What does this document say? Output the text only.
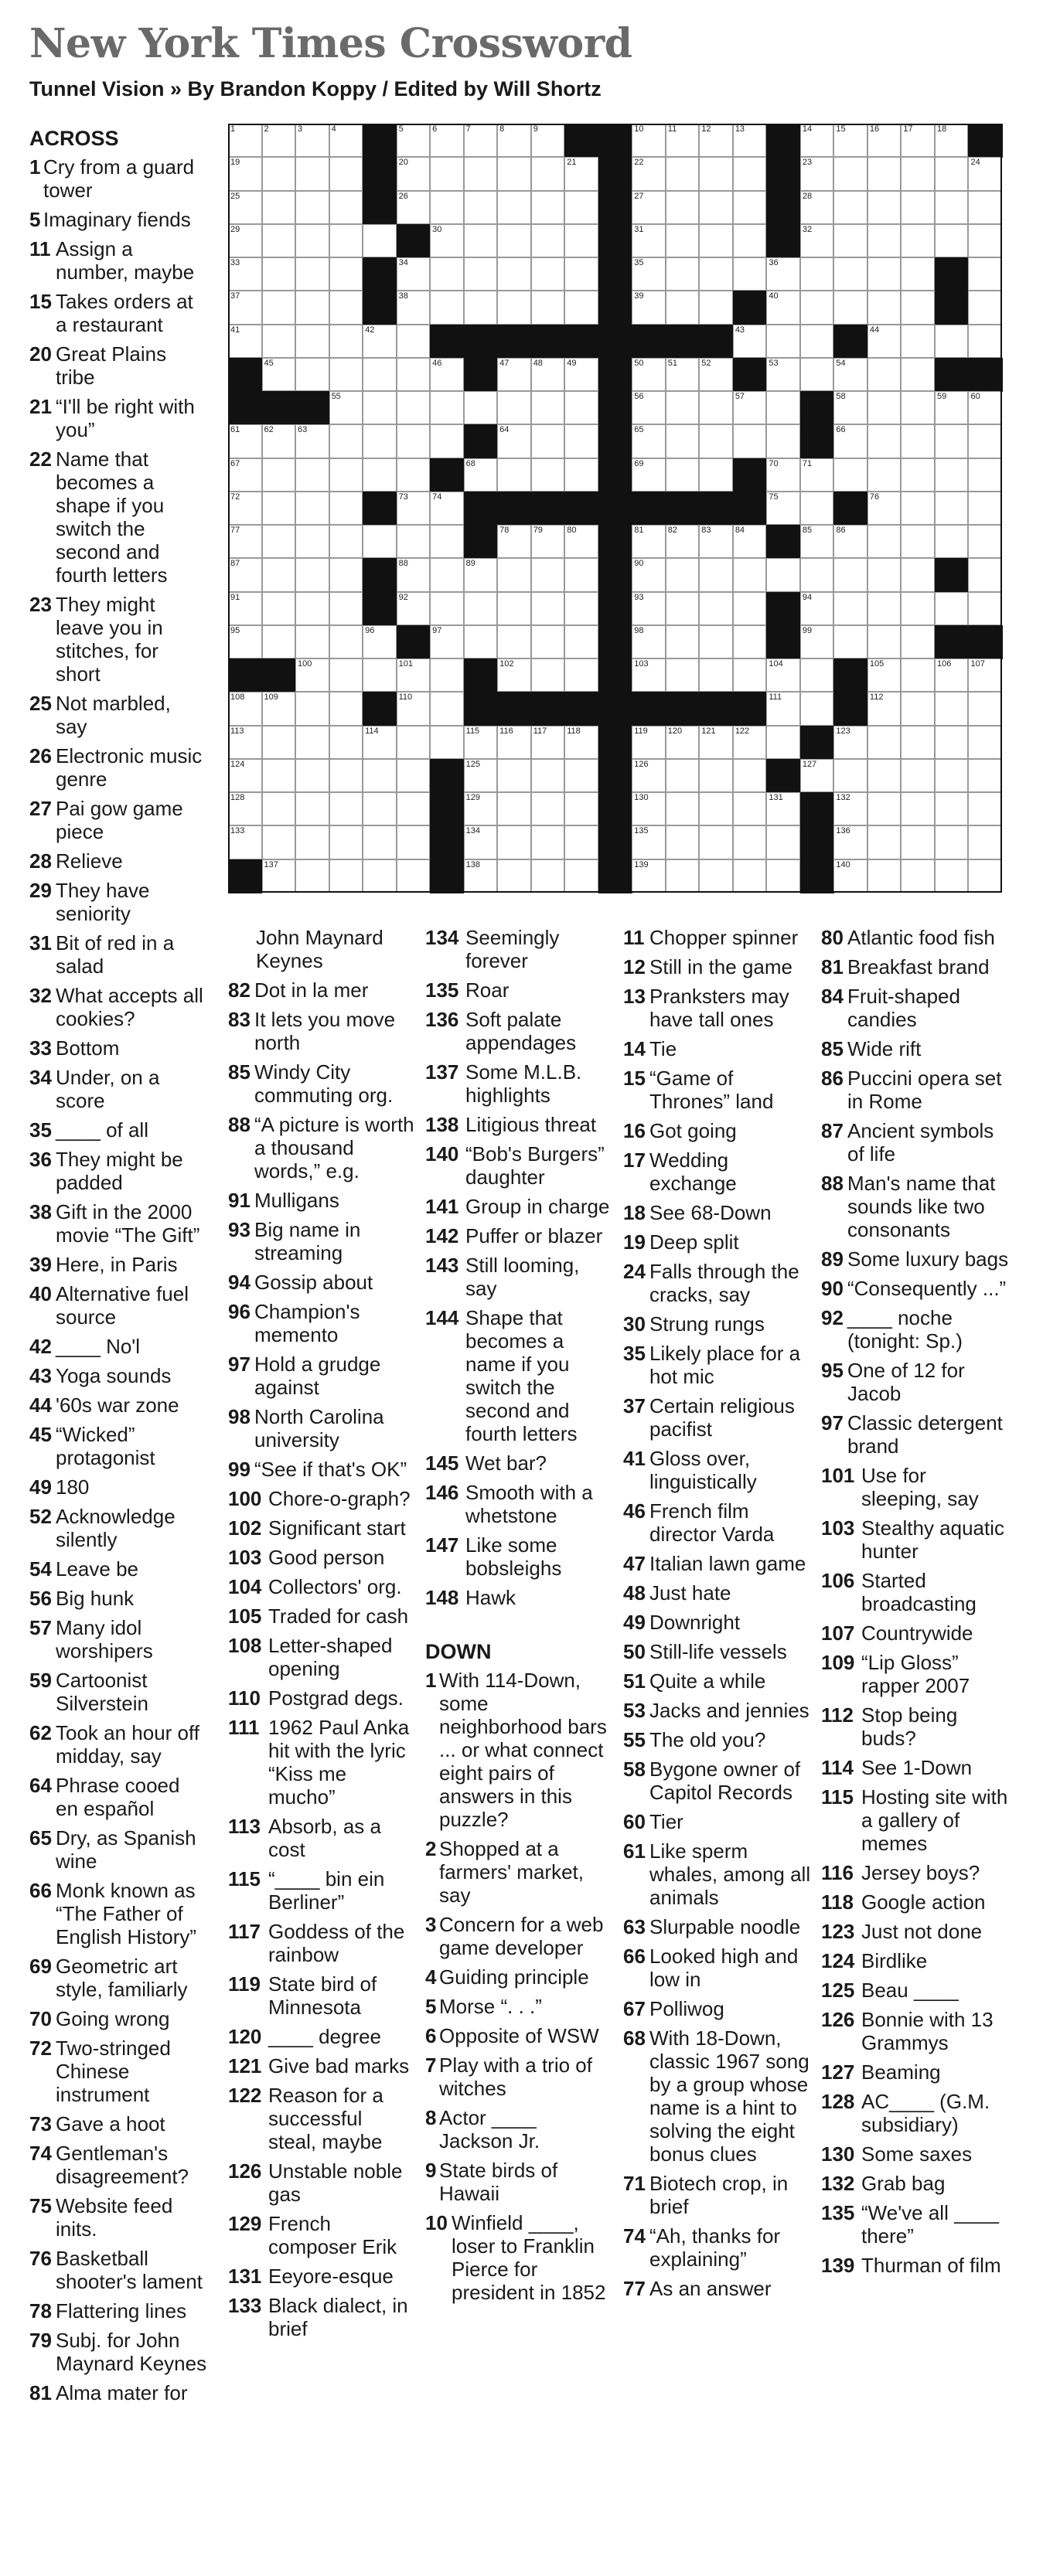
New York Times Crossword
Tunnel Vision » By Brandon Koppy / Edited by Will Shortz
1	2	3	4	5	6	7	8	9	10	11	12	13	14	15	16	17	18
19	20	21	22	23	24
25	26	27	28
29	30	31	32
33	34	35	36
37	38	39	40
41	42	43	44
45	46	47	48	49	50	51	52	53	54
55	56	57	58	59	60
61	62	63	64	65	66
67	68	69	70	71
72	73	74	75	76
77	78	79	80	81	82	83	84	85	86
87	88	89	90
91	92	93	94
95	96	97	98	99
100	101	102	103	104	105	106 107
108 109	110	111	112
113	114	115 116 117 118	119 120 121 122	123
124	125	126	127
128	129	130	131	132
133	134	135	136
137	138	139	140
ACROSS
1 Cry from a guard tower
5 Imaginary fiends
11 Assign a number, maybe
15 Takes orders at a restaurant
20 Great Plains tribe
21 “I'll be right with you”
22 Name that becomes a shape if you switch the second and fourth letters
23 They might leave you in stitches, for short
25 Not marbled, say
26 Electronic music genre
27 Pai gow game piece
28 Relieve
29 They have seniority
31 Bit of red in a salad
32 What accepts all cookies?
33 Bottom
34 Under, on a score
35 ____ of all
36 They might be padded
38 Gift in the 2000 movie “The Gift”
39 Here, in Paris
40 Alternative fuel source
42 ____ No'l
43 Yoga sounds
44 '60s war zone
45 “Wicked” protagonist
49 180
52 Acknowledge silently
54 Leave be
56 Big hunk
57 Many idol worshipers
59 Cartoonist Silverstein
62 Took an hour off midday, say
64 Phrase cooed en español
65 Dry, as Spanish wine
66 Monk known as “The Father of English History”
69 Geometric art style, familiarly
70 Going wrong
72 Two-stringed Chinese instrument
73 Gave a hoot
74 Gentleman's disagreement?
75 Website feed inits.
76 Basketball shooter's lament
78 Flattering lines
79 Subj. for John Maynard Keynes
81 Alma mater for
John Maynard Keynes
82 Dot in la mer
83 It lets you move north
85 Windy City commuting org.
88 “A picture is worth a thousand words,” e.g.
91 Mulligans
93 Big name in streaming
94 Gossip about
96 Champion's memento
97 Hold a grudge against
98 North Carolina university
99 “See if that's OK”
100 Chore-o-graph?
102 Significant start
103 Good person
104 Collectors' org.
105 Traded for cash
108 Letter-shaped opening
110 Postgrad degs.
111 1962 Paul Anka hit with the lyric “Kiss me mucho”
113 Absorb, as a cost
115 “____ bin ein Berliner”
117 Goddess of the rainbow
119 State bird of Minnesota
120 ____ degree
121 Give bad marks
122 Reason for a successful steal, maybe
126 Unstable noble gas
129 French composer Erik
131 Eeyore-esque
133 Black dialect, in brief
134 Seemingly forever
135 Roar
136 Soft palate appendages
137 Some M.L.B. highlights
138 Litigious threat
140 “Bob's Burgers” daughter
141 Group in charge
142 Puffer or blazer
143 Still looming, say
144 Shape that becomes a name if you switch the second and fourth letters
145 Wet bar?
146 Smooth with a whetstone
147 Like some bobsleighs
148 Hawk
DOWN
1 With 114-Down, some neighborhood bars ... or what connect eight pairs of answers in this puzzle?
2 Shopped at a farmers' market, say
3 Concern for a web game developer
4 Guiding principle
5 Morse “. . .”
6 Opposite of WSW
7 Play with a trio of witches
8 Actor ____ Jackson Jr.
9 State birds of Hawaii
10 Winfield ____, loser to Franklin Pierce for president in 1852
11 Chopper spinner
12 Still in the game
13 Pranksters may have tall ones
14 Tie
15 “Game of Thrones” land
16 Got going
17 Wedding exchange
18 See 68-Down
19 Deep split
24 Falls through the cracks, say
30 Strung rungs
35 Likely place for a hot mic
37 Certain religious pacifist
41 Gloss over, linguistically
46 French film director Varda
47 Italian lawn game
48 Just hate
49 Downright
50 Still-life vessels
51 Quite a while
53 Jacks and jennies
55 The old you?
58 Bygone owner of Capitol Records
60 Tier
61 Like sperm whales, among all animals
63 Slurpable noodle
66 Looked high and low in
67 Polliwog
68 With 18-Down, classic 1967 song by a group whose name is a hint to solving the eight bonus clues
71 Biotech crop, in brief
74 “Ah, thanks for explaining”
77 As an answer
80 Atlantic food fish
81 Breakfast brand
84 Fruit-shaped candies
85 Wide rift
86 Puccini opera set in Rome
87 Ancient symbols of life
88 Man's name that sounds like two consonants
89 Some luxury bags
90 “Consequently ...”
92 ____ noche (tonight: Sp.)
95 One of 12 for Jacob
97 Classic detergent brand
101 Use for sleeping, say
103 Stealthy aquatic hunter
106 Started broadcasting
107 Countrywide
109 “Lip Gloss” rapper 2007
112 Stop being buds?
114 See 1-Down
115 Hosting site with a gallery of memes
116 Jersey boys?
118 Google action
123 Just not done
124 Birdlike
125 Beau ____
126 Bonnie with 13 Grammys
127 Beaming
128 AC____ (G.M. subsidiary)
130 Some saxes
132 Grab bag
135 “We've all ____ there”
139 Thurman of film
